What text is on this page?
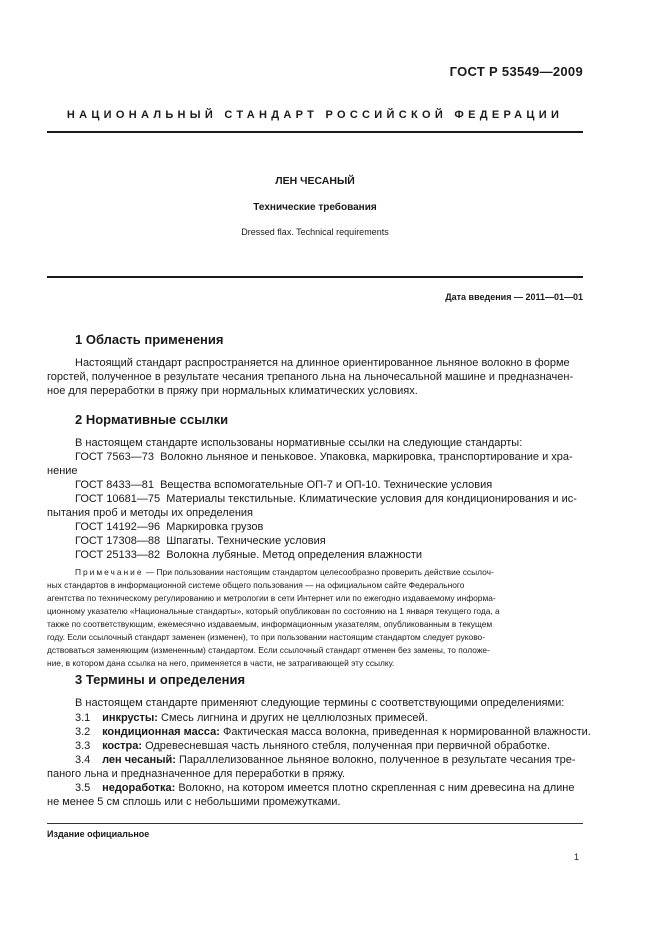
ГОСТ Р 53549—2009
НАЦИОНАЛЬНЫЙ СТАНДАРТ РОССИЙСКОЙ ФЕДЕРАЦИИ
ЛЕН ЧЕСАНЫЙ
Технические требования
Dressed flax. Technical requirements
Дата введения — 2011—01—01
1 Область применения
Настоящий стандарт распространяется на длинное ориентированное льняное волокно в форме
горстей, полученное в результате чесания трепаного льна на льночесальной машине и предназначен-
ное для переработки в пряжу при нормальных климатических условиях.
2 Нормативные ссылки
В настоящем стандарте использованы нормативные ссылки на следующие стандарты:
ГОСТ 7563—73 Волокно льняное и пеньковое. Упаковка, маркировка, транспортирование и хра-
нение
ГОСТ 8433—81 Вещества вспомогательные ОП-7 и ОП-10. Технические условия
ГОСТ 10681—75 Материалы текстильные. Климатические условия для кондиционирования и ис-
пытания проб и методы их определения
ГОСТ 14192—96 Маркировка грузов
ГОСТ 17308—88 Шпагаты. Технические условия
ГОСТ 25133—82 Волокна лубяные. Метод определения влажности
Примечание — При пользовании настоящим стандартом целесообразно проверить действие ссылоч-
ных стандартов в информационной системе общего пользования — на официальном сайте Федерального
агентства по техническому регулированию и метрологии в сети Интернет или по ежегодно издаваемому информа-
ционному указателю «Национальные стандарты», который опубликован по состоянию на 1 января текущего года, а
также по соответствующим, ежемесячно издаваемым, информационным указателям, опубликованным в текущем
году. Если ссылочный стандарт заменен (изменен), то при пользовании настоящим стандартом следует руково-
дствоваться заменяющим (измененным) стандартом. Если ссылочный стандарт отменен без замены, то положе-
ние, в котором дана ссылка на него, применяется в части, не затрагивающей эту ссылку.
3 Термины и определения
В настоящем стандарте применяют следующие термины с соответствующими определениями:
3.1 инкрусты: Смесь лигнина и других не целлюлозных примесей.
3.2 кондиционная масса: Фактическая масса волокна, приведенная к нормированной влажности.
3.3 костра: Одревесневшая часть льняного стебля, полученная при первичной обработке.
3.4 лен чесаный: Параллелизованное льняное волокно, полученное в результате чесания тре-
паного льна и предназначенное для переработки в пряжу.
3.5 недоработка: Волокно, на котором имеется плотно скрепленная с ним древесина на длине
не менее 5 см сплошь или с небольшими промежутками.
Издание официальное
1
